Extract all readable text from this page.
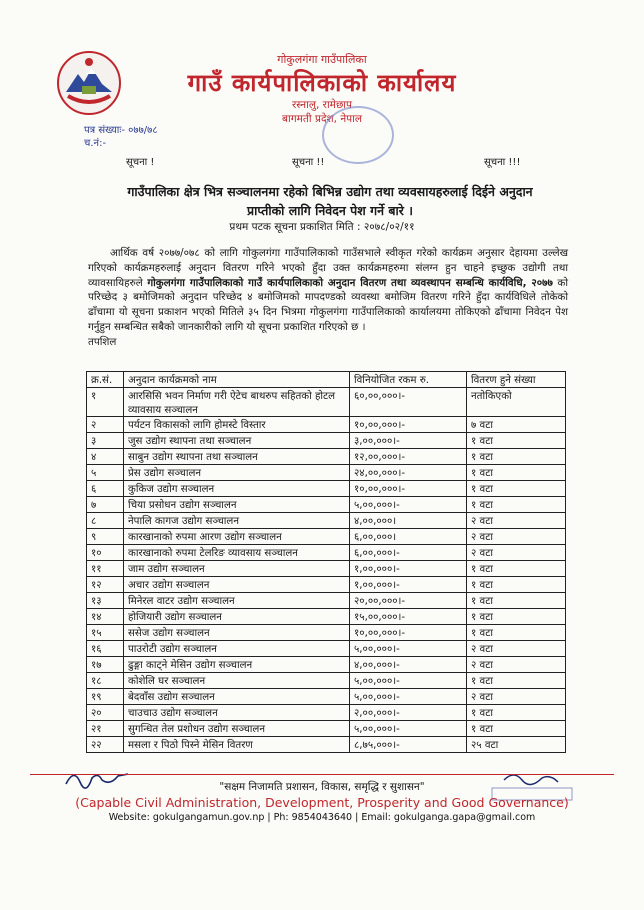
गोकुलगंगा गाउँपालिका
गाउँ कार्यपालिकाको कार्यालय
रस्नालु, रामेछाप
बागमती प्रदेश, नेपाल
पत्र संख्याः- ०७७/७८
च.नं:-
सूचना !	सूचना !!	सूचना !!!
गाउँपालिका क्षेत्र भित्र सञ्चालनमा रहेको बिभिन्न उद्योग तथा व्यवसायहरुलाई दिईने अनुदान
प्राप्तीको लागि निवेदन पेश गर्ने बारे ।
प्रथम पटक सूचना प्रकाशित मिति : २०७८/०२/११
आर्थिक वर्ष २०७७/०७८ को लागि गोकुलगंगा गाउँपालिकाको गाउँसभाले स्वीकृत गरेको कार्यक्रम अनुसार देहायमा उल्लेख गरिएको कार्यक्रमहरुलाई अनुदान वितरण गरिने भएको हुँदा उक्त कार्यक्रमहरुमा संलग्न हुन चाहने इच्छुक उद्योगी तथा व्यावसायिहरुले गोकुलगंगा गाउँपालिकाको गाउँ कार्यपालिकाको अनुदान वितरण तथा व्यवस्थापन सम्बन्धि कार्यविधि, २०७७ को परिच्छेद ३ बमोजिमको अनुदान परिच्छेद ४ बमोजिमको मापदण्डको व्यवस्था बमोजिम वितरण गरिने हुँदा कार्यविधिले तोकेको ढाँचामा यो सूचना प्रकाशन भएको मितिले ३५ दिन भित्रमा गोकुलगंगा गाउँपालिकाको कार्यालयमा तोकिएको ढाँचामा निवेदन पेश गर्नुहुन सम्बन्धित सबैको जानकारीको लागि यो सूचना प्रकाशित गरिएको छ ।
तपशिल
क्र.सं.	अनुदान कार्यक्रमको नाम	विनियोजित रकम रु.	वितरण हुने संख्या
१	आरसिसि भवन निर्माण गरी ऐटेच बाथरुप सहितको होटल व्यावसाय सञ्चालन	६०,००,०००।-	नतोकिएको
२	पर्यटन विकासको लागि होमस्टे विस्तार	१०,००,०००।-	७ वटा
३	जुस उद्योग स्थापना तथा सञ्चालन	३,००,०००।-	१ वटा
४	साबुन उद्योग स्थापना तथा सञ्चालन	१२,००,०००।-	१ वटा
५	प्रेस उद्योग सञ्चालन	२४,००,०००।-	१ वटा
६	कुकिज उद्योग सञ्चालन	१०,००,०००।-	१ वटा
७	चिया प्रसोधन उद्योग सञ्चालन	५,००,०००।-	१ वटा
८	नेपालि कागज उद्योग सञ्चालन	४,००,०००।	२ वटा
९	कारखानाको रुपमा आरण उद्योग सञ्चालन	६,००,०००।	२ वटा
१०	कारखानाको रुपमा टेलरिङ व्यावसाय सञ्चालन	६,००,०००।-	२ वटा
११	जाम उद्योग सञ्चालन	१,००,०००।-	१ वटा
१२	अचार उद्योग सञ्चालन	१,००,०००।-	१ वटा
१३	मिनेरल वाटर उद्योग सञ्चालन	२०,००,०००।-	१ वटा
१४	होजियारी उद्योग सञ्चालन	१५,००,०००।-	१ वटा
१५	ससेज उद्योग सञ्चालन	१०,००,०००।-	१ वटा
१६	पाउरोटी उद्योग सञ्चालन	५,००,०००।-	२ वटा
१७	ढुङ्गा काट्ने मेसिन उद्योग सञ्चालन	४,००,०००।-	२ वटा
१८	कोशेलि घर सञ्चालन	५,००,०००।-	१ वटा
१९	बेदवाँस उद्योग सञ्चालन	५,००,०००।-	२ वटा
२०	चाउचाउ उद्योग सञ्चालन	२,००,०००।-	१ वटा
२१	सुगन्धित तेल प्रशोधन उद्योग सञ्चालन	५,००,०००।-	१ वटा
२२	मसला र पिठो पिस्ने मेसिन वितरण	८,७५,०००।-	२५ वटा
"सक्षम निजामति प्रशासन, विकास, समृद्धि र सुशासन"
(Capable Civil Administration, Development, Prosperity and Good Governance)
Website: gokulgangamun.gov.np | Ph: 9854043640 | Email: gokulganga.gapa@gmail.com
